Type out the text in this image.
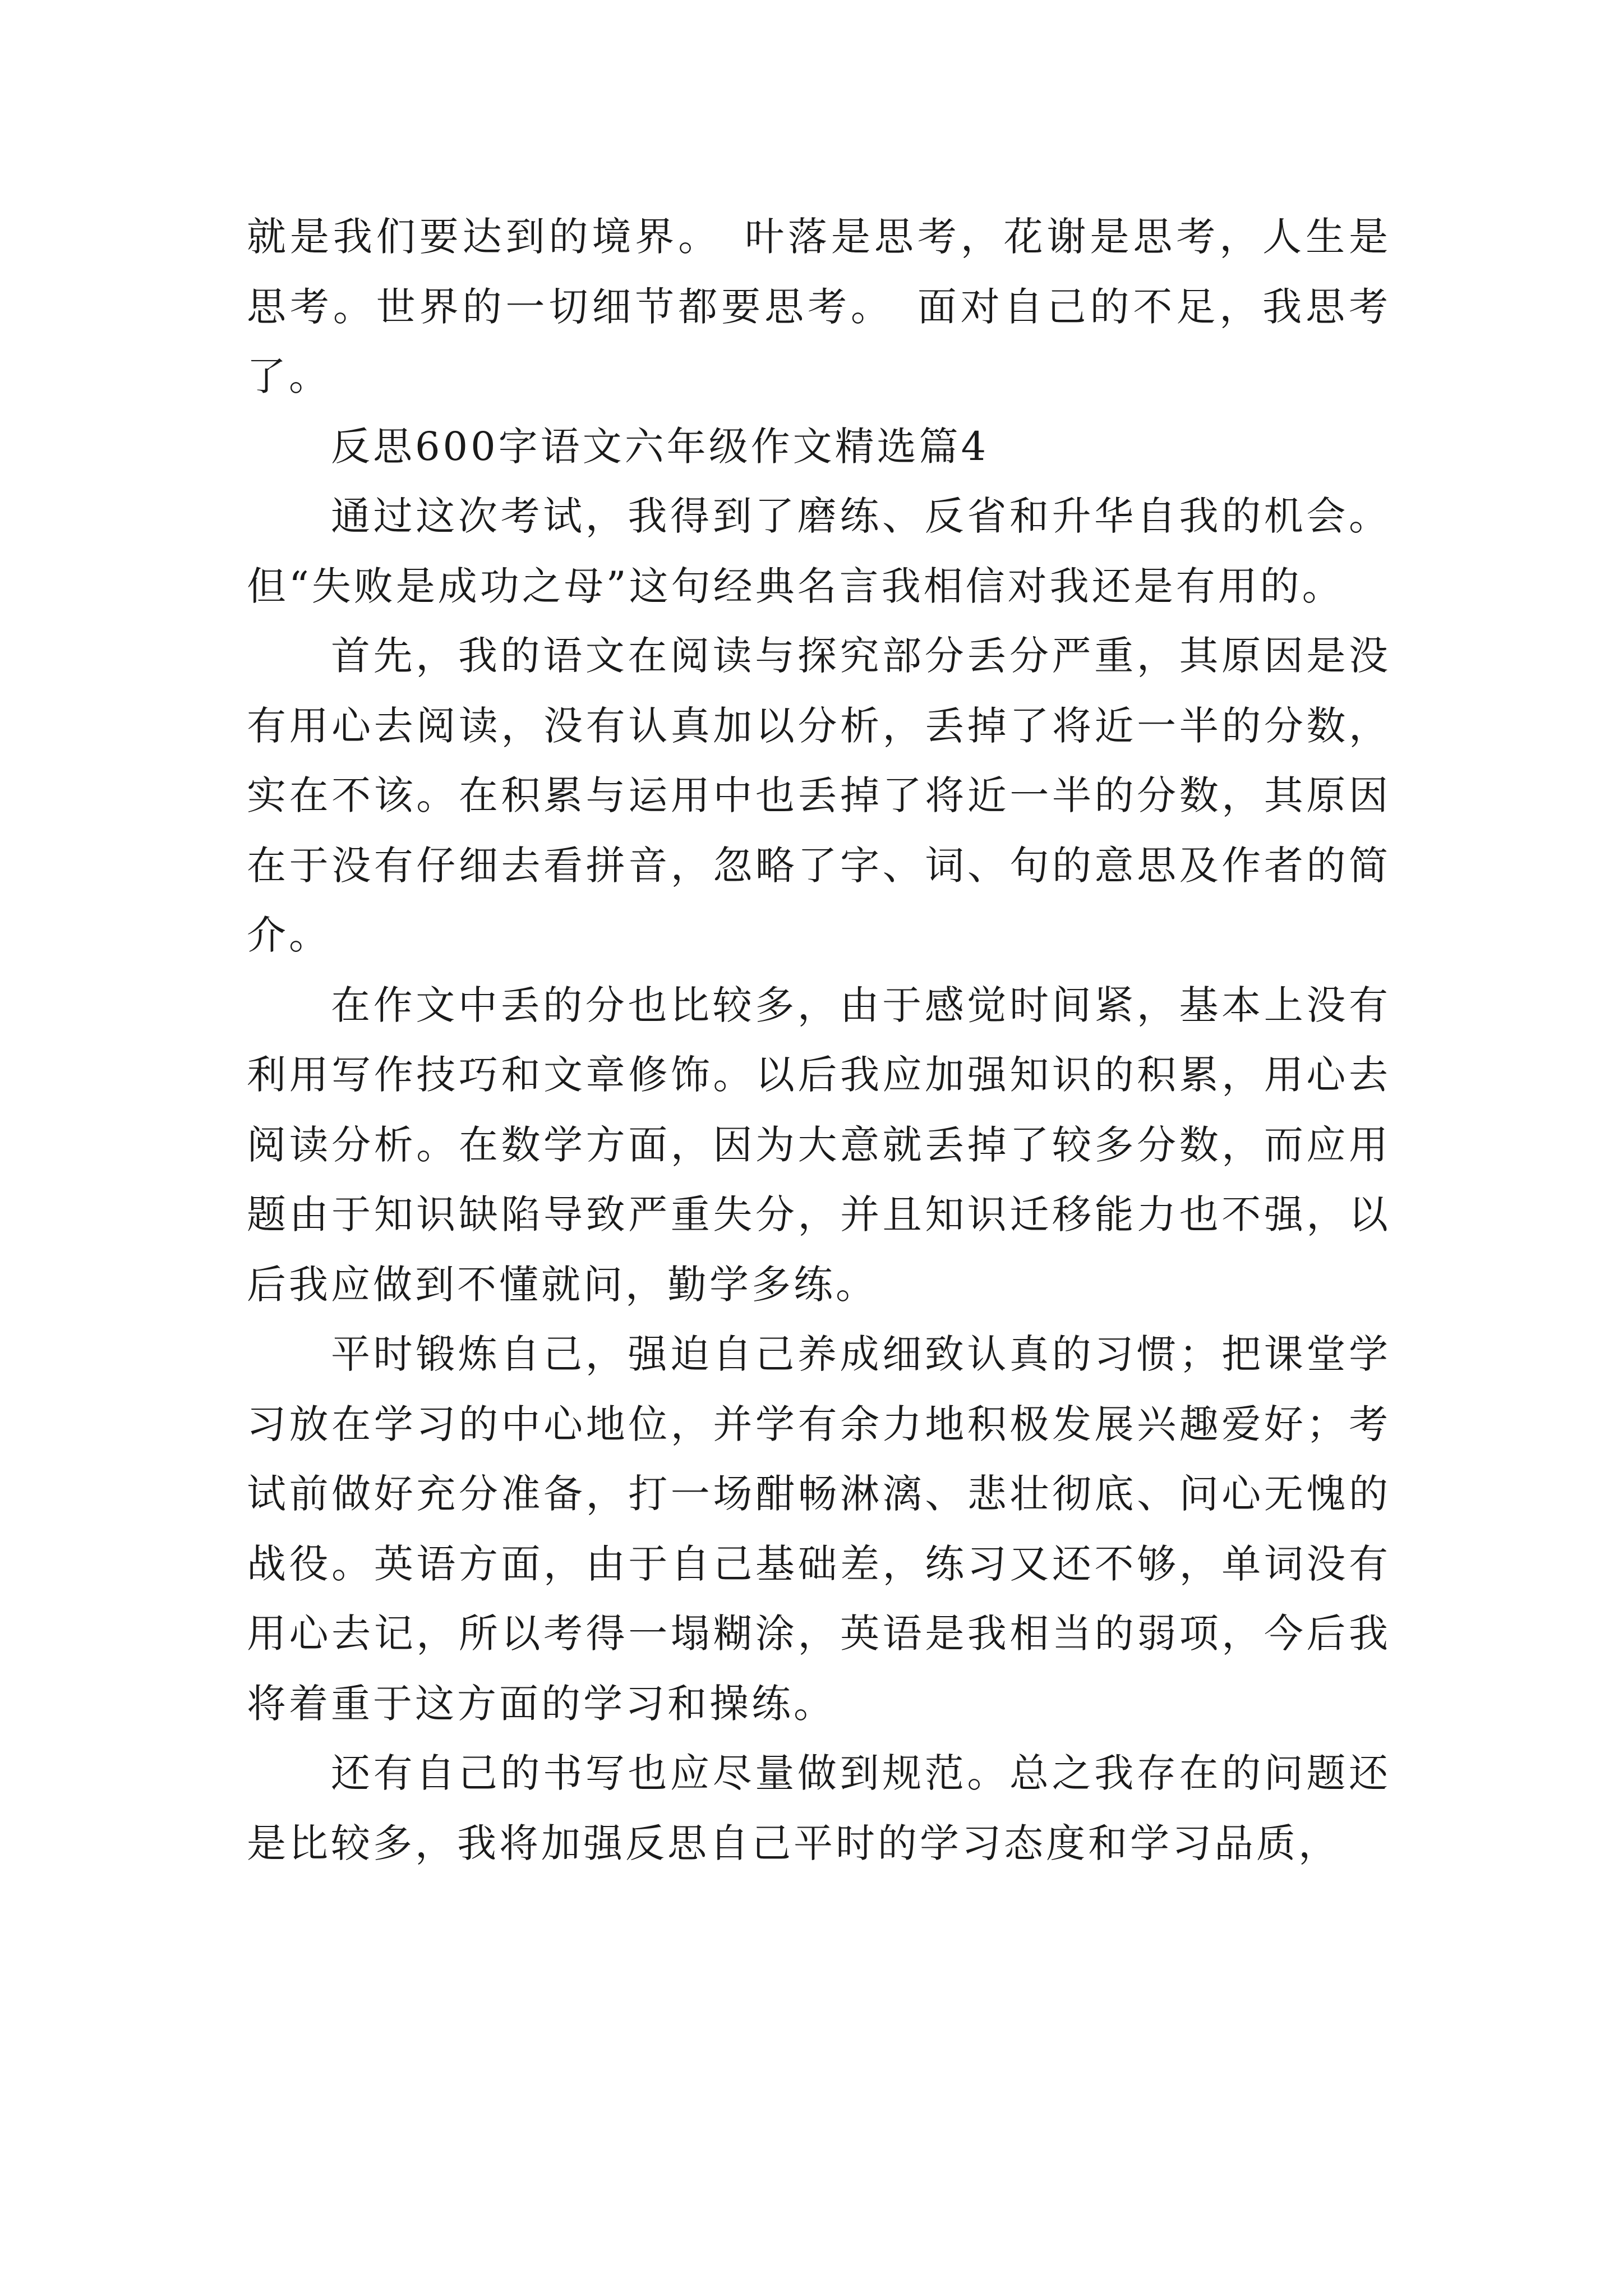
就是我们要达到的境界。　叶落是思考，花谢是思考，人生是思考。世界的一切细节都要思考。　面对自己的不足，我思考了。

反思600字语文六年级作文精选篇4

通过这次考试，我得到了磨练、反省和升华自我的机会。但“失败是成功之母”这句经典名言我相信对我还是有用的。

首先，我的语文在阅读与探究部分丢分严重，其原因是没有用心去阅读，没有认真加以分析，丢掉了将近一半的分数，实在不该。在积累与运用中也丢掉了将近一半的分数，其原因在于没有仔细去看拼音，忽略了字、词、句的意思及作者的简介。

在作文中丢的分也比较多，由于感觉时间紧，基本上没有利用写作技巧和文章修饰。以后我应加强知识的积累，用心去阅读分析。在数学方面，因为大意就丢掉了较多分数，而应用题由于知识缺陷导致严重失分，并且知识迁移能力也不强，以后我应做到不懂就问，勤学多练。

平时锻炼自己，强迫自己养成细致认真的习惯；把课堂学习放在学习的中心地位，并学有余力地积极发展兴趣爱好；考试前做好充分准备，打一场酣畅淋漓、悲壮彻底、问心无愧的战役。英语方面，由于自己基础差，练习又还不够，单词没有用心去记，所以考得一塌糊涂，英语是我相当的弱项，今后我将着重于这方面的学习和操练。

还有自己的书写也应尽量做到规范。总之我存在的问题还是比较多，我将加强反思自己平时的学习态度和学习品质，
